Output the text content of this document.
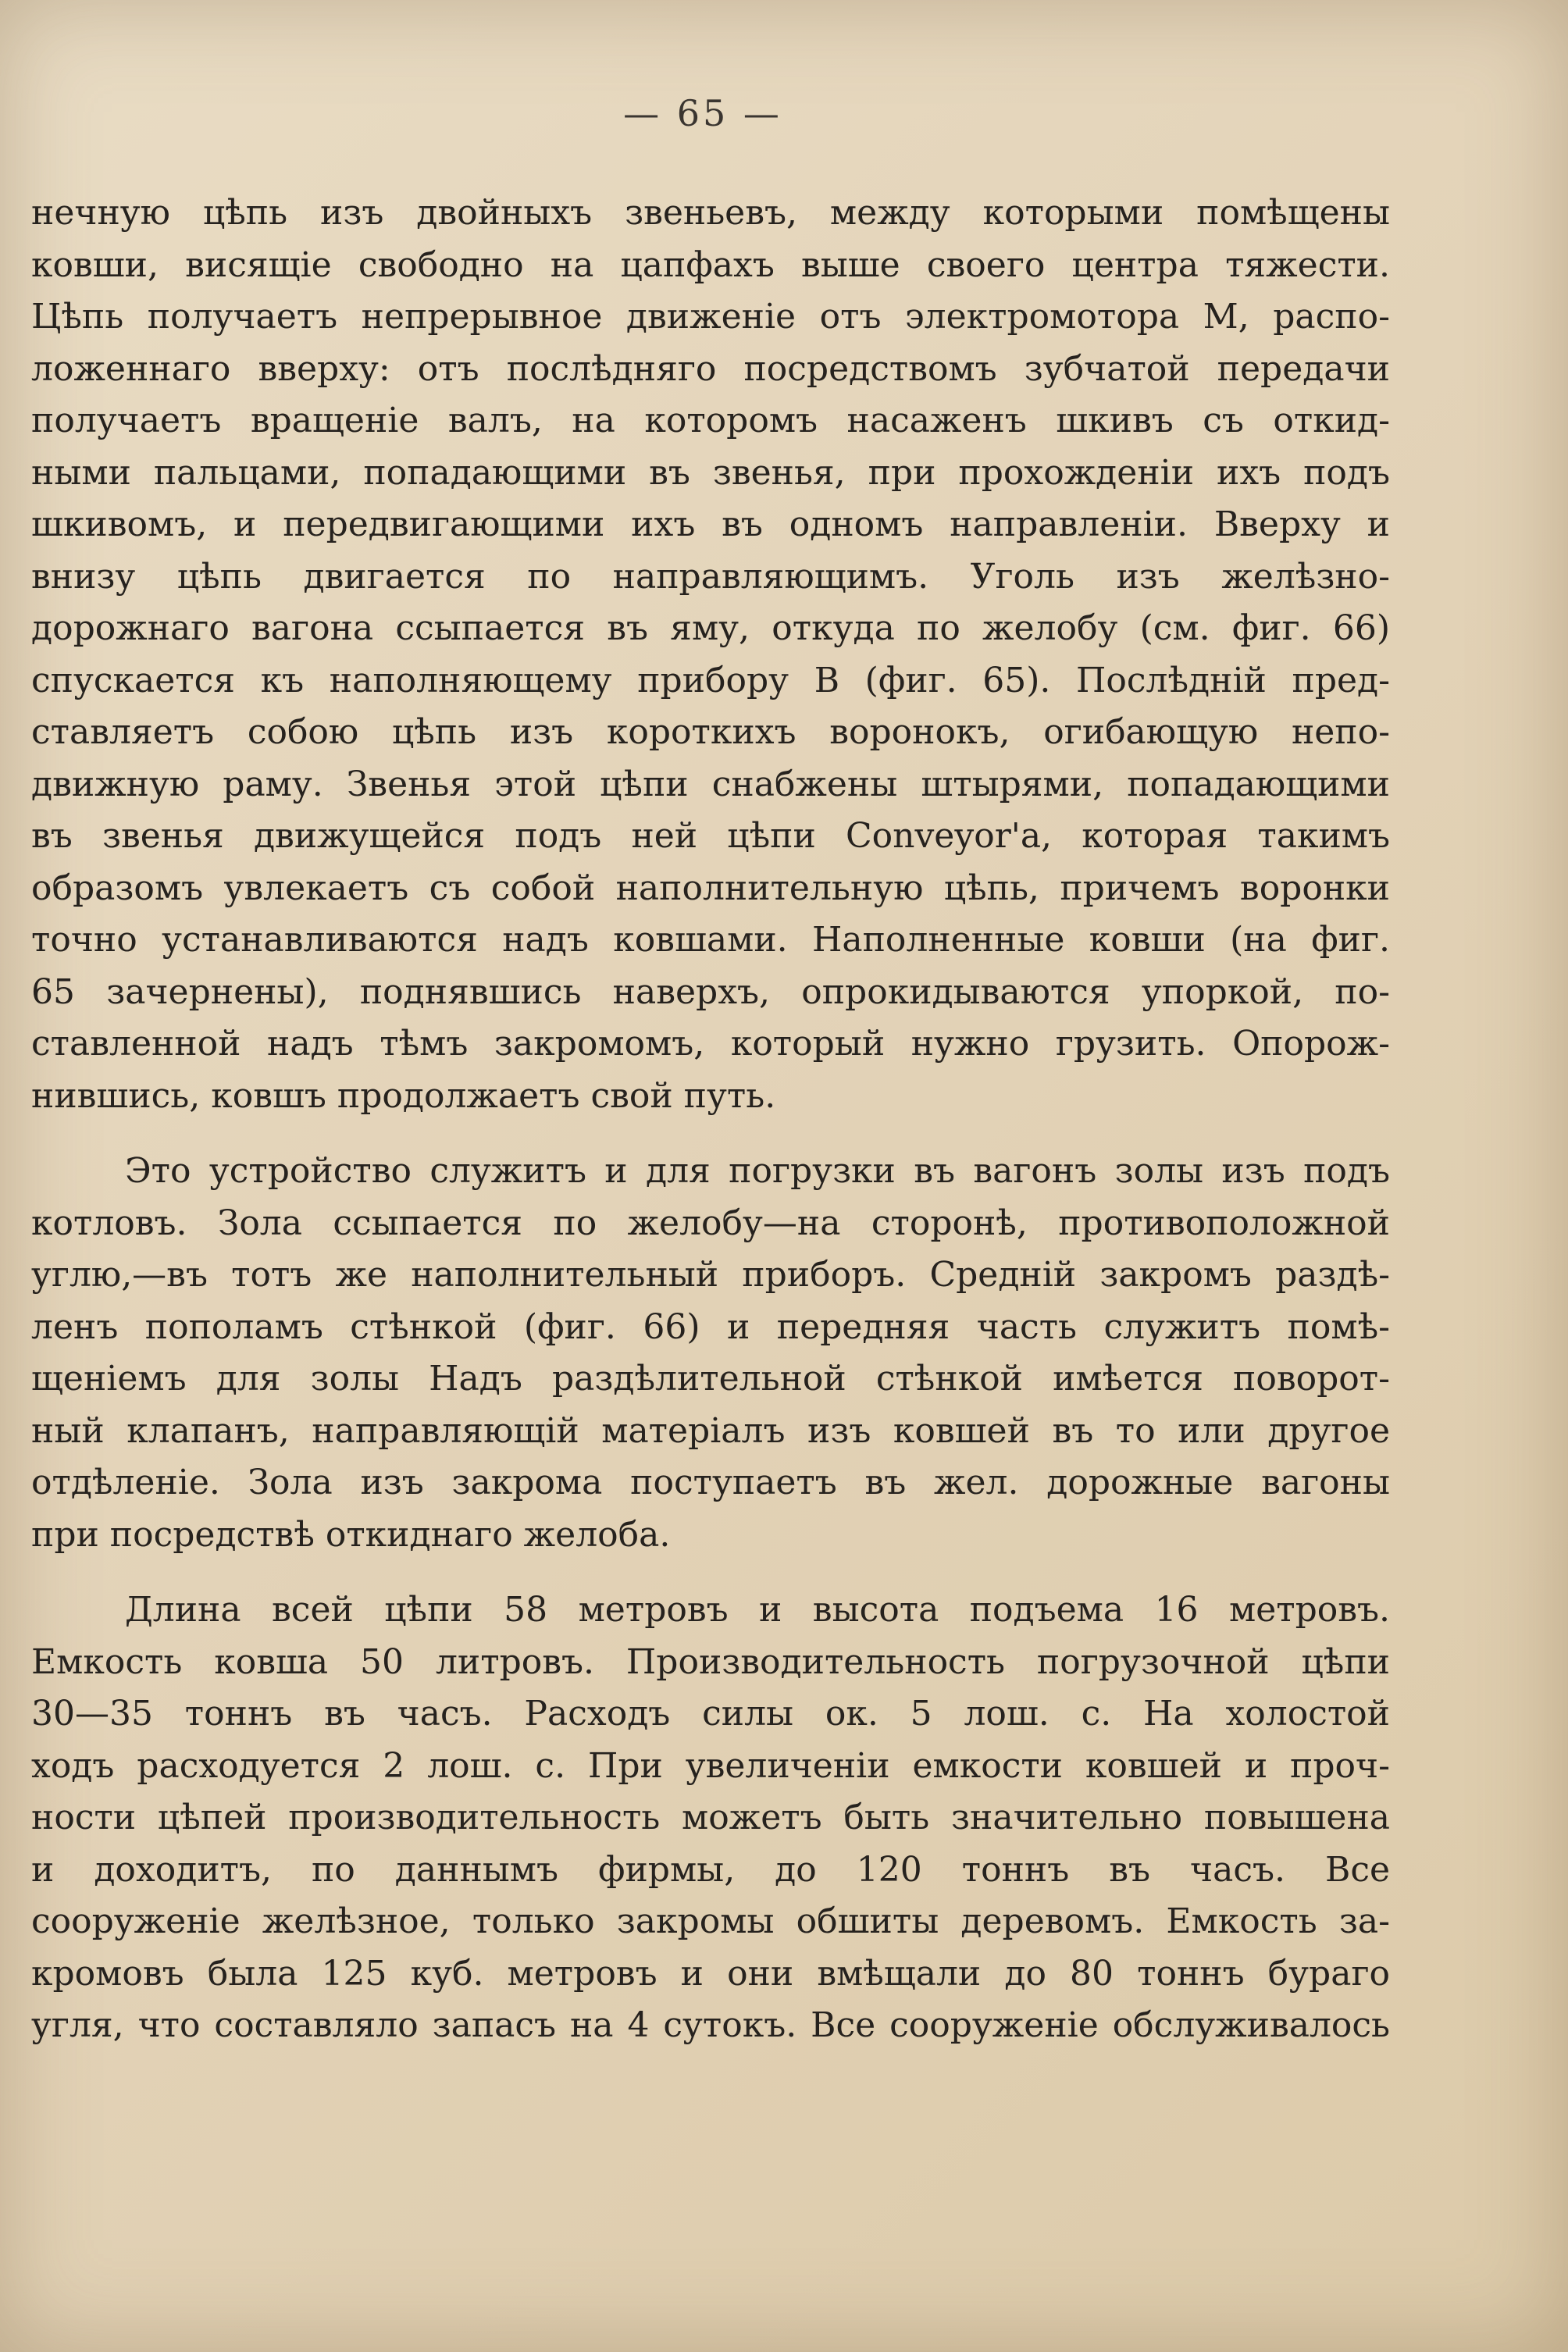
— 65 —
нечную цѣпь изъ двойныхъ звеньевъ, между которыми помѣщены
ковши, висящіе свободно на цапфахъ выше своего центра тяжести.
Цѣпь получаетъ непрерывное движеніе отъ электромотора М, распо-
ложеннаго вверху: отъ послѣдняго посредствомъ зубчатой передачи
получаетъ вращеніе валъ, на которомъ насаженъ шкивъ съ откид-
ными пальцами, попадающими въ звенья, при прохожденіи ихъ подъ
шкивомъ, и передвигающими ихъ въ одномъ направленіи. Вверху и
внизу цѣпь двигается по направляющимъ. Уголь изъ желѣзно-
дорожнаго вагона ссыпается въ яму, откуда по желобу (см. фиг. 66)
спускается къ наполняющему прибору В (фиг. 65). Послѣдній пред-
ставляетъ собою цѣпь изъ короткихъ воронокъ, огибающую непо-
движную раму. Звенья этой цѣпи снабжены штырями, попадающими
въ звенья движущейся подъ ней цѣпи Conveyor'а, которая такимъ
образомъ увлекаетъ съ собой наполнительную цѣпь, причемъ воронки
точно устанавливаются надъ ковшами. Наполненные ковши (на фиг.
65 зачернены), поднявшись наверхъ, опрокидываются упоркой, по-
ставленной надъ тѣмъ закромомъ, который нужно грузить. Опорож-
нившись, ковшъ продолжаетъ свой путь.
Это устройство служитъ и для погрузки въ вагонъ золы изъ подъ
котловъ. Зола ссыпается по желобу—на сторонѣ, противоположной
углю,—въ тотъ же наполнительный приборъ. Средній закромъ раздѣ-
ленъ пополамъ стѣнкой (фиг. 66) и передняя часть служитъ помѣ-
щеніемъ для золы Надъ раздѣлительной стѣнкой имѣется поворот-
ный клапанъ, направляющій матеріалъ изъ ковшей въ то или другое
отдѣленіе. Зола изъ закрома поступаетъ въ жел. дорожные вагоны
при посредствѣ откиднаго желоба.
Длина всей цѣпи 58 метровъ и высота подъема 16 метровъ.
Емкость ковша 50 литровъ. Производительность погрузочной цѣпи
30—35 тоннъ въ часъ. Расходъ силы ок. 5 лош. с. На холостой
ходъ расходуется 2 лош. с. При увеличеніи емкости ковшей и проч-
ности цѣпей производительность можетъ быть значительно повышена
и доходитъ, по даннымъ фирмы, до 120 тоннъ въ часъ. Все
сооруженіе желѣзное, только закромы обшиты деревомъ. Емкость за-
кромовъ была 125 куб. метровъ и они вмѣщали до 80 тоннъ бураго
угля, что составляло запасъ на 4 сутокъ. Все сооруженіе обслуживалось
